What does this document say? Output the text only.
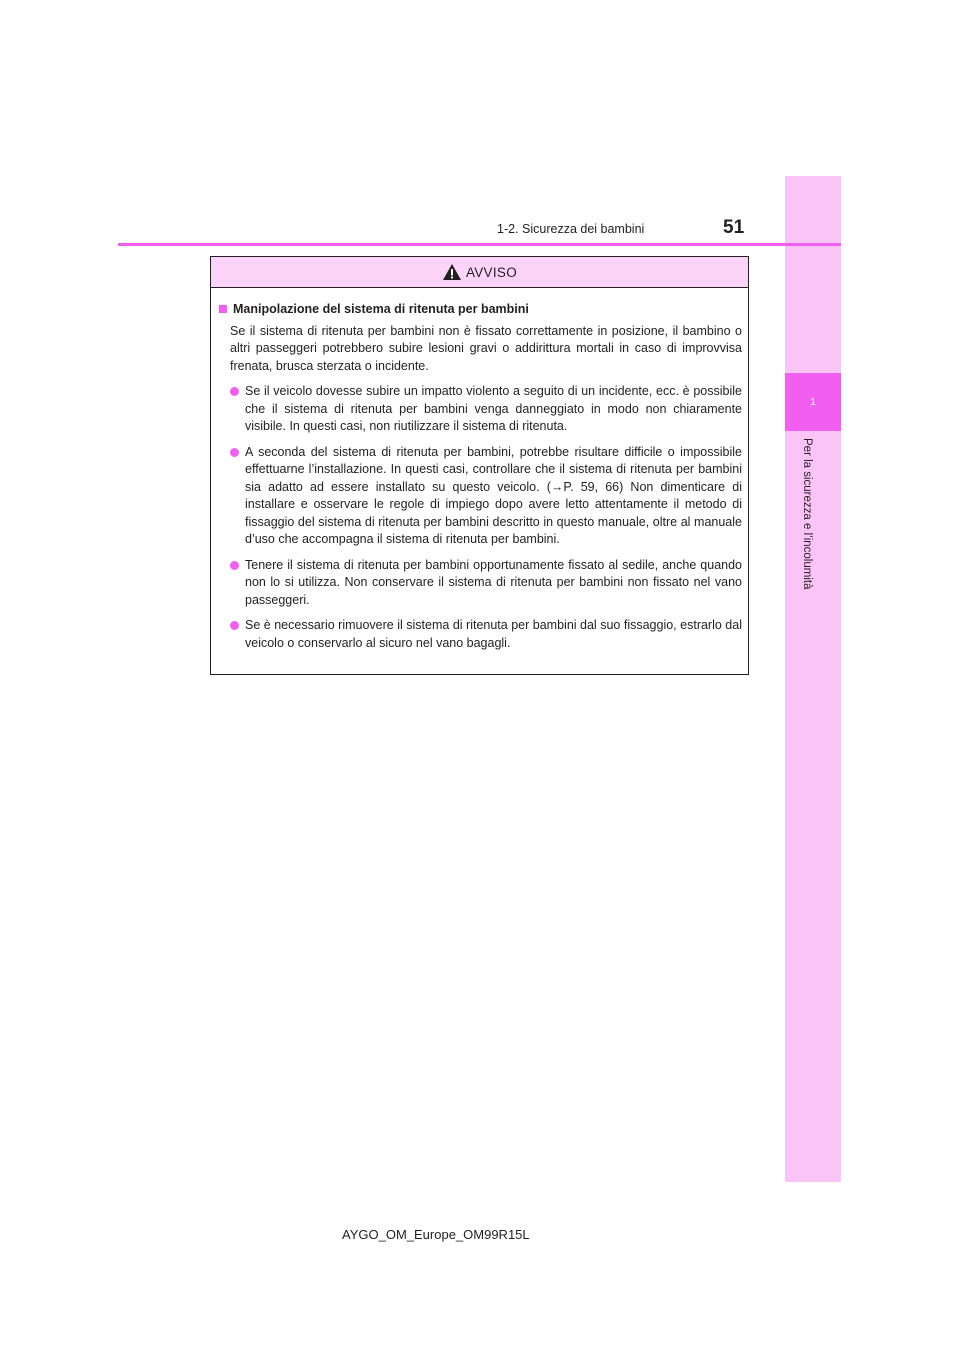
1
Per la sicurezza e l’incolumità
1-2. Sicurezza dei bambini	51
AVVISO
Manipolazione del sistema di ritenuta per bambini
Se il sistema di ritenuta per bambini non è fissato correttamente in posizione, il bambino o altri passeggeri potrebbero subire lesioni gravi o addirittura mortali in caso di improvvisa frenata, brusca sterzata o incidente.
Se il veicolo dovesse subire un impatto violento a seguito di un incidente, ecc. è possibile che il sistema di ritenuta per bambini venga danneggiato in modo non chiaramente visibile. In questi casi, non riutilizzare il sistema di ritenuta.
A seconda del sistema di ritenuta per bambini, potrebbe risultare difficile o impossibile effettuarne l’installazione. In questi casi, controllare che il sistema di ritenuta per bambini sia adatto ad essere installato su questo veicolo. (→P. 59, 66) Non dimenticare di installare e osservare le regole di impiego dopo avere letto attentamente il metodo di fissaggio del sistema di ritenuta per bambini descritto in questo manuale, oltre al manuale d’uso che accompagna il sistema di ritenuta per bambini.
Tenere il sistema di ritenuta per bambini opportunamente fissato al sedile, anche quando non lo si utilizza. Non conservare il sistema di ritenuta per bambini non fissato nel vano passeggeri.
Se è necessario rimuovere il sistema di ritenuta per bambini dal suo fissaggio, estrarlo dal veicolo o conservarlo al sicuro nel vano bagagli.
AYGO_OM_Europe_OM99R15L
